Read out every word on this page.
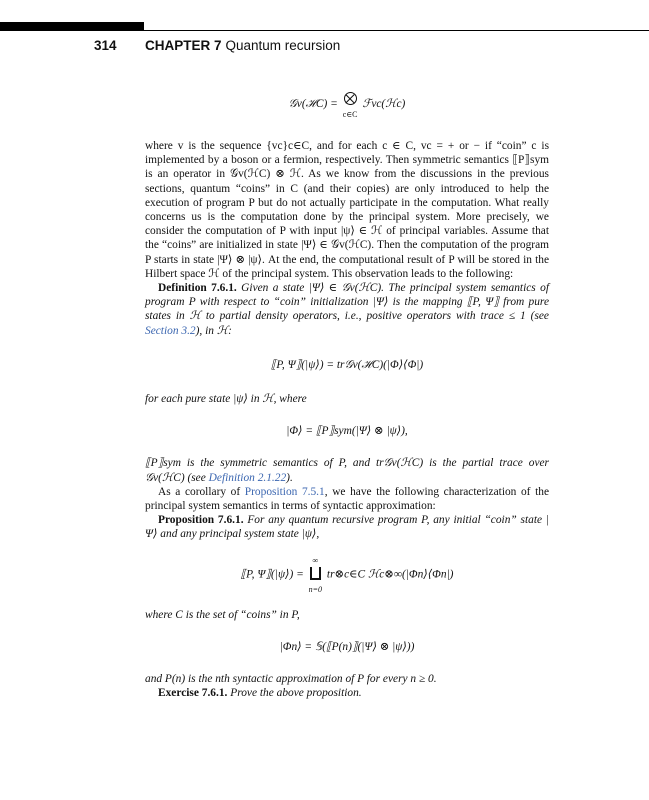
314 CHAPTER 7 Quantum recursion

𝒢v(ℋC) =
c∈C
ℱvc(ℋc)

where v is the sequence {vc}c∈C, and for each c ∈ C, vc = + or − if “coin” c is implemented by a boson or a fermion, respectively. Then symmetric semantics ⟦P⟧sym is an operator in 𝒢v(ℋC) ⊗ ℋ. As we know from the discussions in the previous sections, quantum “coins” in C (and their copies) are only introduced to help the execution of program P but do not actually participate in the computation. What really concerns us is the computation done by the principal system. More precisely, we consider the computation of P with input |ψ⟩ ∈ ℋ of principal variables. Assume that the “coins” are initialized in state |Ψ⟩ ∈ 𝒢v(ℋC). Then the computation of the program P starts in state |Ψ⟩ ⊗ |ψ⟩. At the end, the computational result of P will be stored in the Hilbert space ℋ of the principal system. This observation leads to the following:

Definition 7.6.1. Given a state |Ψ⟩ ∈ 𝒢v(ℋC). The principal system semantics of program P with respect to “coin” initialization |Ψ⟩ is the mapping ⟦P, Ψ⟧ from pure states in ℋ to partial density operators, i.e., positive operators with trace ≤ 1 (see Section 3.2), in ℋ:

⟦P, Ψ⟧(|ψ⟩) = tr𝒢v(ℋC)(|Φ⟩⟨Φ|)

for each pure state |ψ⟩ in ℋ, where

|Φ⟩ = ⟦P⟧sym(|Ψ⟩ ⊗ |ψ⟩),

⟦P⟧sym is the symmetric semantics of P, and tr𝒢v(ℋC) is the partial trace over 𝒢v(ℋC) (see Definition 2.1.22).

As a corollary of Proposition 7.5.1, we have the following characterization of the principal system semantics in terms of syntactic approximation:

Proposition 7.6.1. For any quantum recursive program P, any initial “coin” state |Ψ⟩ and any principal system state |ψ⟩,

⟦P, Ψ⟧(|ψ⟩) =
∞
n=0
tr⊗c∈C ℋc⊗∞(|Φn⟩⟨Φn|)

where C is the set of “coins” in P,

|Φn⟩ = 𝕊(⟦P(n)⟧(|Ψ⟩ ⊗ |ψ⟩))

and P(n) is the nth syntactic approximation of P for every n ≥ 0.

Exercise 7.6.1. Prove the above proposition.
